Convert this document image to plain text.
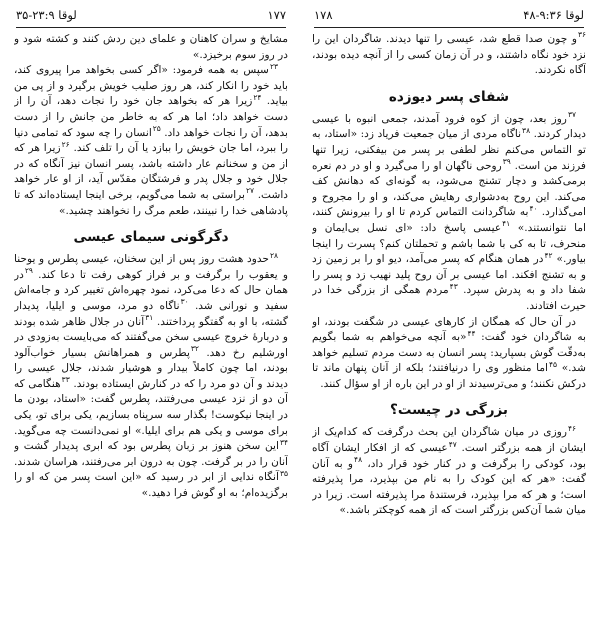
لوقا ۲۳:۹-۳۵	۱۷۷ ۱۷۸	لوقا ۹:۳۶-۴۸

مشایخ و سران کاهنان و علمای دین ردش کنند و کشته شود و در روز سوم برخیزد.»

$^{۲۳}$سپس به همه فرمود: «اگر کسی بخواهد مرا پیروی کند، باید خود را انکار کند، هر روز صلیب خویش برگیرد و از پی من بیاید. $^{۲۴}$زیرا هر که بخواهد جان خود را نجات دهد، آن را از دست خواهد داد؛ اما هر که به خاطر من جانش را از دست بدهد، آن را نجات خواهد داد. $^{۲۵}$انسان را چه سود که تمامی دنیا را ببرد، اما جان خویش را ببازد یا آن را تلف کند. $^{۲۶}$زیرا هر که از من و سخنانم عار داشته باشد، پسر انسان نیز آنگاه که در جلال خود و جلال پدر و فرشتگان مقدّس آید، از او عار خواهد داشت. $^{۲۷}$براستی به شما می‌گویم، برخی اینجا ایستاده‌اند که تا پادشاهی خدا را نبینند، طعم مرگ را نخواهند چشید.»

دگرگونی سیمای عیسی

$^{۲۸}$حدود هشت روز پس از این سخنان، عیسی پطرس و یوحنا و یعقوب را برگرفت و بر فراز کوهی رفت تا دعا کند. $^{۲۹}$در همان حال که دعا می‌کرد، نمود چهره‌اش تغییر کرد و جامه‌اش سفید و نورانی شد. $^{۳۰}$ناگاه دو مرد، موسی و ایلیا، پدیدار گشته، با او به گفتگو پرداختند. $^{۳۱}$آنان در جلال ظاهر شده بودند و دربارهٔ خروج عیسی سخن می‌گفتند که می‌بایست به‌زودی در اورشلیم رخ دهد. $^{۳۲}$پطرس و همراهانش بسیار خواب‌آلود بودند، اما چون کاملاً بیدار و هوشیار شدند، جلال عیسی را دیدند و آن دو مرد را که در کنارش ایستاده بودند. $^{۳۳}$هنگامی که آن دو از نزد عیسی می‌رفتند، پطرس گفت: «استاد، بودن ما در اینجا نیکوست! بگذار سه سرپناه بسازیم، یکی برای تو، یکی برای موسی و یکی هم برای ایلیا.» او نمی‌دانست چه می‌گوید. $^{۳۴}$این سخن هنوز بر زبان پطرس بود که ابری پدیدار گشت و آنان را در بر گرفت. چون به درون ابر می‌رفتند، هراسان شدند. $^{۳۵}$آنگاه ندایی از ابر در رسید که «این است پسر من که او را برگزیده‌ام؛ به او گوش فرا دهید.»

$^{۳۶}$و چون صدا قطع شد، عیسی را تنها دیدند. شاگردان این را نزد خود نگاه داشتند، و در آن زمان کسی را از آنچه دیده بودند، آگاه نکردند.

شفای پسر دیوزده

$^{۳۷}$روز بعد، چون از کوه فرود آمدند، جمعی انبوه با عیسی دیدار کردند. $^{۳۸}$ناگاه مردی از میان جمعیت فریاد زد: «استاد، به تو التماس می‌کنم نظر لطفی بر پسر من بیفکنی، زیرا تنها فرزند من است. $^{۳۹}$روحی ناگهان او را می‌گیرد و او در دم نعره برمی‌کشد و دچار تشنج می‌شود، به گونه‌ای که دهانش کف می‌کند. این روح به‌دشواری رهایش می‌کند، و او را مجروح و امی‌گذارد. $^{۴۰}$به شاگردانت التماس کردم تا او را بیرونش کنند، اما نتوانستند.» $^{۴۱}$عیسی پاسخ داد: «ای نسل بی‌ایمان و منحرف، تا به کی با شما باشم و تحملتان کنم؟ پسرت را اینجا بیاور.» $^{۴۲}$در همان هنگام که پسر می‌آمد، دیو او را بر زمین زد و به تشنج افکند. اما عیسی بر آن روح پلید نهیب زد و پسر را شفا داد و به پدرش سپرد. $^{۴۳}$مردم همگی از بزرگی خدا در حیرت افتادند.

در آن حال که همگان از کارهای عیسی در شگفت بودند، او به شاگردان خود گفت: $^{۴۴}$«به آنچه می‌خواهم به شما بگویم به‌دقّت گوش بسپارید: پسر انسان به دست مردم تسلیم خواهد شد.» $^{۴۵}$اما منظور وی را درنیافتند؛ بلکه از آنان پنهان ماند تا درکش نکنند؛ و می‌ترسیدند از او در این باره از او سؤال کنند.

بزرگی در چیست؟

$^{۴۶}$روزی در میان شاگردان این بحث درگرفت که کدام‌یک از ایشان از همه بزرگتر است. $^{۴۷}$عیسی که از افکار ایشان آگاه بود، کودکی را برگرفت و در کنار خود قرار داد، $^{۴۸}$و به آنان گفت: «هر که این کودک را به نام من بپذیرد، مرا پذیرفته است؛ و هر که مرا بپذیرد، فرستندهٔ مرا پذیرفته است. زیرا در میان شما آن‌کس بزرگتر است که از همه کوچکتر باشد.»
